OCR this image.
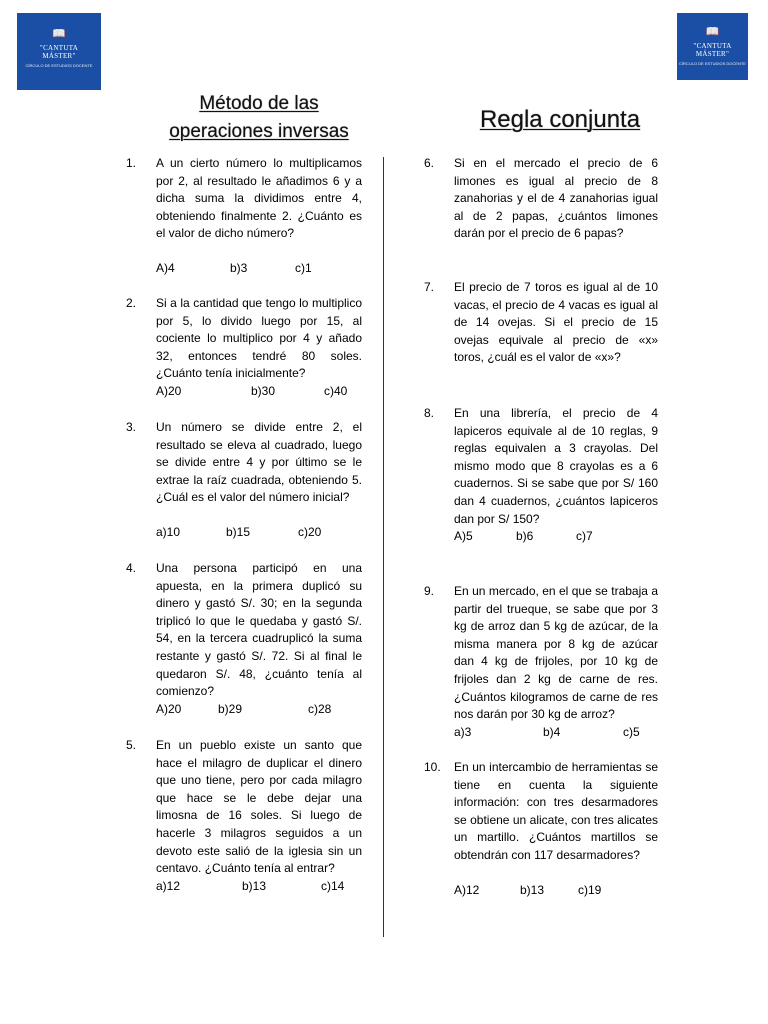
📖
"CANTUTA
MÁSTER"
CÍRCULO DE ESTUDIOS DOCENTE
📖
"CANTUTA
MÁSTER"
CÍRCULO DE ESTUDIOS DOCENTE
Método de las
operaciones inversas	Regla conjunta
1. A un cierto número lo multiplicamos por 2, al resultado le añadimos 6 y a dicha suma la dividimos entre 4, obteniendo finalmente 2. ¿Cuánto es el valor de dicho número?
A)4	b)3	c)1
2. Si a la cantidad que tengo lo multiplico por 5, lo divido luego por 15, al cociente lo multiplico por 4 y añado 32, entonces tendré 80 soles. ¿Cuánto tenía inicialmente?
A)20	b)30	c)40
3. Un número se divide entre 2, el resultado se eleva al cuadrado, luego se divide entre 4 y por último se le extrae la raíz cuadrada, obteniendo 5. ¿Cuál es el valor del número inicial?
a)10	b)15	c)20
4. Una persona participó en una apuesta, en la primera duplicó su dinero y gastó S/. 30; en la segunda triplicó lo que le quedaba y gastó S/. 54, en la tercera cuadruplicó la suma restante y gastó S/. 72. Si al final le quedaron S/. 48, ¿cuánto tenía al comienzo?
A)20	b)29	c)28
5. En un pueblo existe un santo que hace el milagro de duplicar el dinero que uno tiene, pero por cada milagro que hace se le debe dejar una limosna de 16 soles. Si luego de hacerle 3 milagros seguidos a un devoto este salió de la iglesia sin un centavo. ¿Cuánto tenía al entrar?
a)12	b)13	c)14
6. Si en el mercado el precio de 6 limones es igual al precio de 8 zanahorias y el de 4 zanahorias igual al de 2 papas, ¿cuántos limones darán por el precio de 6 papas?
7. El precio de 7 toros es igual al de 10 vacas, el precio de 4 vacas es igual al de 14 ovejas. Si el precio de 15 ovejas equivale al precio de «x» toros, ¿cuál es el valor de «x»?
8. En una librería, el precio de 4 lapiceros equivale al de 10 reglas, 9 reglas equivalen a 3 crayolas. Del mismo modo que 8 crayolas es a 6 cuadernos. Si se sabe que por S/ 160 dan 4 cuadernos, ¿cuántos lapiceros dan por S/ 150?
A)5	b)6	c)7
9. En un mercado, en el que se trabaja a partir del trueque, se sabe que por 3 kg de arroz dan 5 kg de azúcar, de la misma manera por 8 kg de azúcar dan 4 kg de frijoles, por 10 kg de frijoles dan 2 kg de carne de res. ¿Cuántos kilogramos de carne de res nos darán por 30 kg de arroz?
a)3	b)4	c)5
10. En un intercambio de herramientas se tiene en cuenta la siguiente información: con tres desarmadores se obtiene un alicate, con tres alicates un martillo. ¿Cuántos martillos se obtendrán con 117 desarmadores?
A)12	b)13	c)19
